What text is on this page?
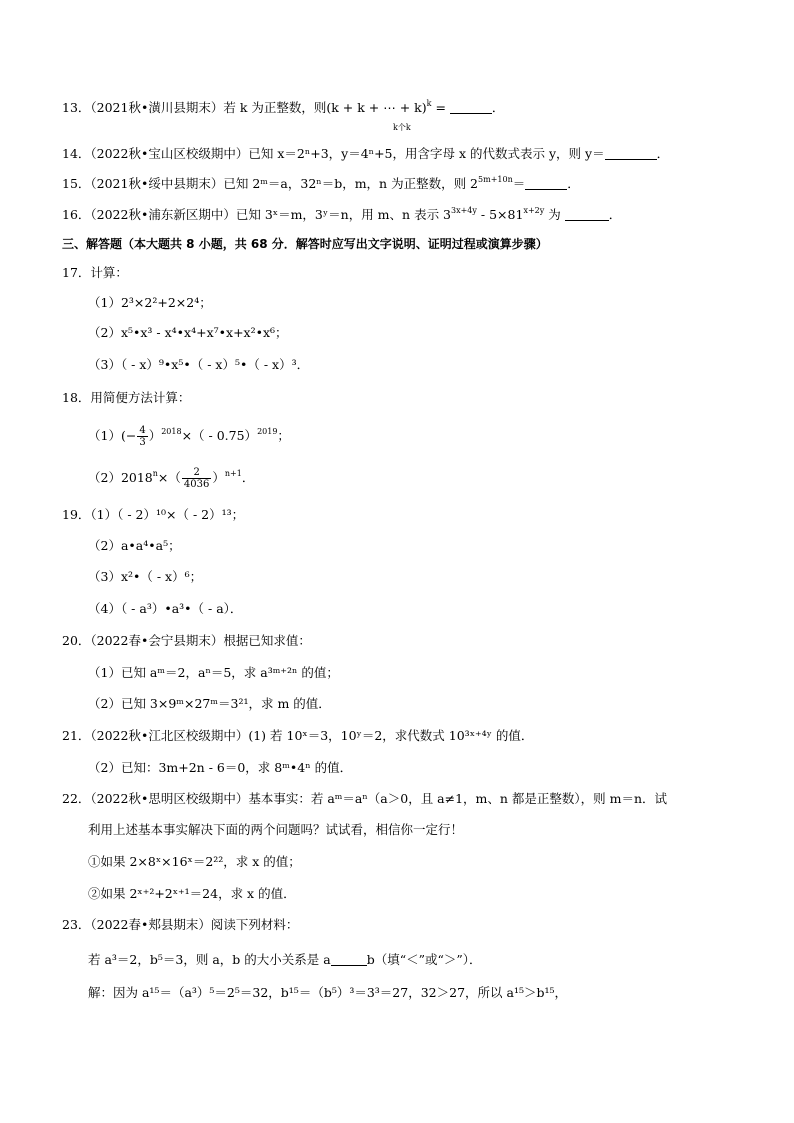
13．（2021秋•潢川县期末）若 k 为正整数，则(k + k + ⋯ + k)$^k$ =	．
k个k
14．（2022秋•宝山区校级期中）已知 x＝2ⁿ+3，y＝4ⁿ+5，用含字母 x 的代数式表示 y，则 y＝	．
15．（2021秋•绥中县期末）已知 2ᵐ＝a，32ⁿ＝b，m，n 为正整数，则 $2^{5m+10n}=$	．
16．（2022秋•浦东新区期中）已知 3ˣ＝m，3ʸ＝n，用 m、n 表示 $3^{3x+4y} - 5\times 81^{x+2y}$ 为	．
三、解答题（本大题共 8 小题，共 68 分．解答时应写出文字说明、证明过程或演算步骤）
17．计算：
（1）2³×2²+2×2⁴；
（2）x⁵•x³ - x⁴•x⁴+x⁷•x+x²•x⁶；
（3）（ - x）⁹•x⁵•（ - x）⁵•（ - x）³．
18．用简便方法计算：
$(1)(- \frac{4}{3} )^{2018}\times( - 0.75)^{2019}$；
$(2)2018^n\times( \frac{2}{4036} )^{n+1}$．
19．（1）（ - 2）¹⁰×（ - 2）¹³；
（2）a•a⁴•a⁵；
（3）x²•（ - x）⁶；
（4）（ - a³）•a³•（ - a）．
20．（2022春•会宁县期末）根据已知求值：
（1）已知 aᵐ＝2，aⁿ＝5，求 a³ᵐ⁺²ⁿ 的值；
（2）已知 3×9ᵐ×27ᵐ＝3²¹，求 m 的值．
21．（2022秋•江北区校级期中）(1) 若 10ˣ＝3，10ʸ＝2，求代数式 10³ˣ⁺⁴ʸ 的值．
（2）已知：3m+2n - 6＝0，求 8ᵐ•4ⁿ 的值．
22．（2022秋•思明区校级期中）基本事实：若 aᵐ＝aⁿ（a＞0，且 a≠1，m、n 都是正整数），则 m＝n．试
利用上述基本事实解决下面的两个问题吗？试试看，相信你一定行！
①如果 2×8ˣ×16ˣ＝2²²，求 x 的值；
②如果 2ˣ⁺²+2ˣ⁺¹＝24，求 x 的值．
23．（2022春•郏县期末）阅读下列材料：
若 a³＝2，b⁵＝3，则 a，b 的大小关系是 a	b（填“＜”或“＞”）．
解：因为 a¹⁵＝（a³）⁵＝2⁵＝32，b¹⁵＝（b⁵）³＝3³＝27，32＞27，所以 a¹⁵＞b¹⁵，
